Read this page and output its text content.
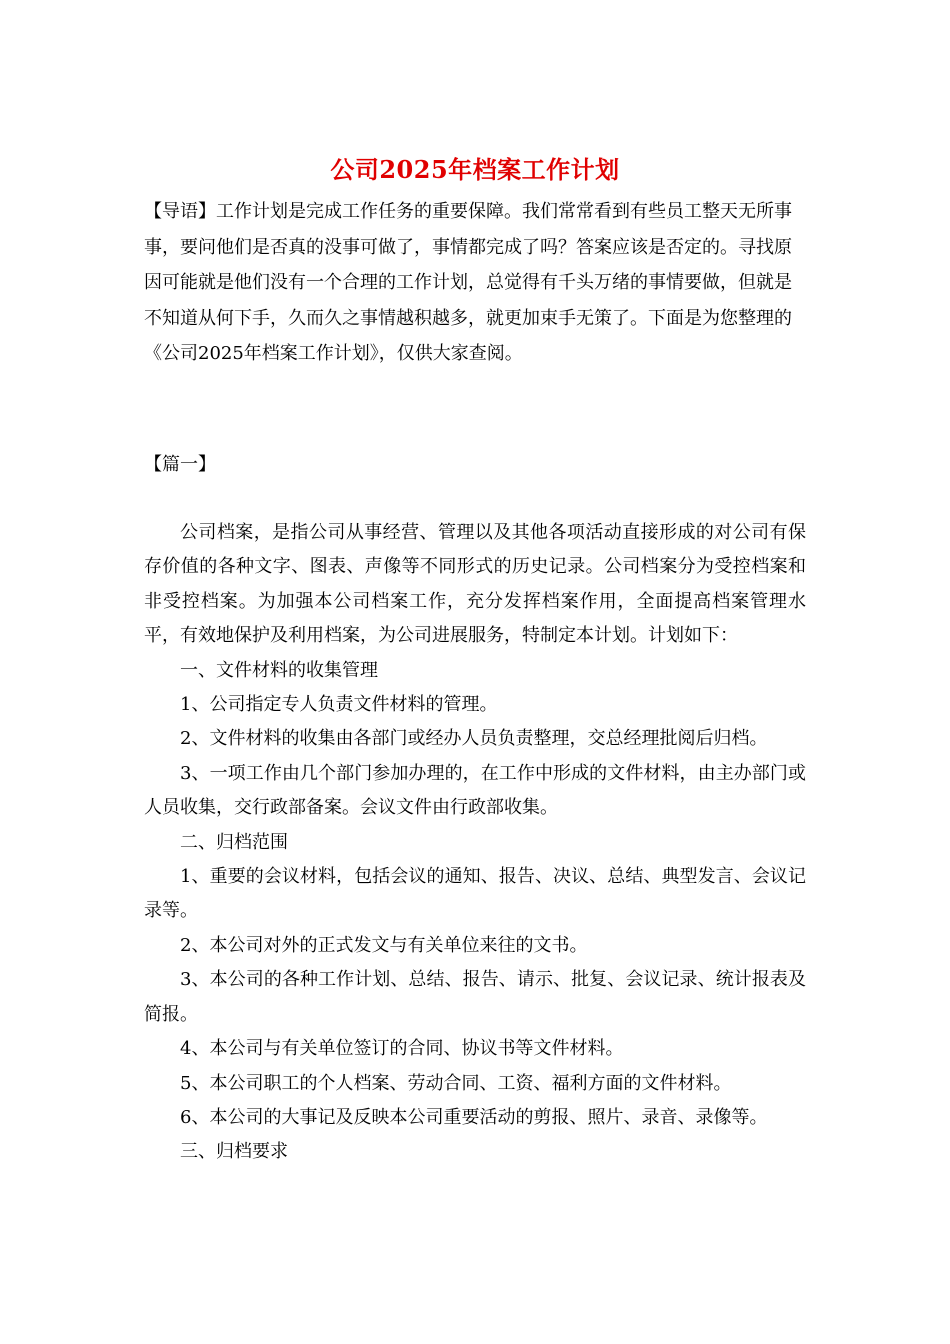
公司2025年档案工作计划

【导语】工作计划是完成工作任务的重要保障。我们常常看到有些员工整天无所事事，要问他们是否真的没事可做了，事情都完成了吗？答案应该是否定的。寻找原因可能就是他们没有一个合理的工作计划，总觉得有千头万绪的事情要做，但就是不知道从何下手，久而久之事情越积越多，就更加束手无策了。下面是为您整理的《公司2025年档案工作计划》，仅供大家查阅。

【篇一】

公司档案，是指公司从事经营、管理以及其他各项活动直接形成的对公司有保存价值的各种文字、图表、声像等不同形式的历史记录。公司档案分为受控档案和非受控档案。为加强本公司档案工作，充分发挥档案作用，全面提高档案管理水平，有效地保护及利用档案，为公司进展服务，特制定本计划。计划如下：

一、文件材料的收集管理

1、公司指定专人负责文件材料的管理。

2、文件材料的收集由各部门或经办人员负责整理，交总经理批阅后归档。

3、一项工作由几个部门参加办理的，在工作中形成的文件材料，由主办部门或人员收集，交行政部备案。会议文件由行政部收集。

二、归档范围

1、重要的会议材料，包括会议的通知、报告、决议、总结、典型发言、会议记录等。

2、本公司对外的正式发文与有关单位来往的文书。

3、本公司的各种工作计划、总结、报告、请示、批复、会议记录、统计报表及简报。

4、本公司与有关单位签订的合同、协议书等文件材料。

5、本公司职工的个人档案、劳动合同、工资、福利方面的文件材料。

6、本公司的大事记及反映本公司重要活动的剪报、照片、录音、录像等。

三、归档要求
